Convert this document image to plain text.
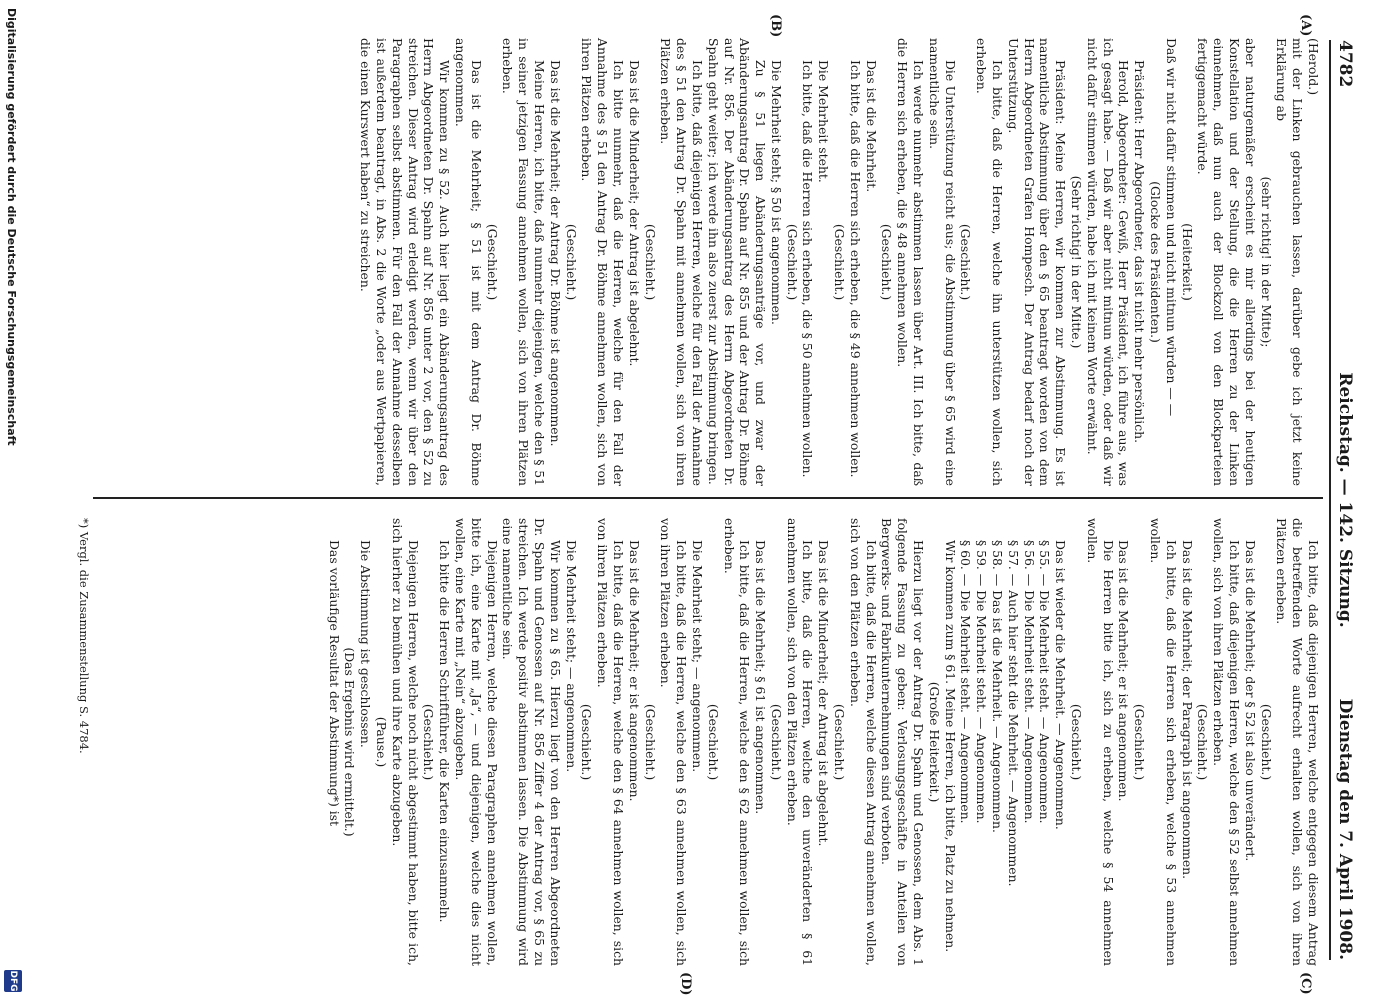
4782
Reichstag. — 142. Sitzung.
Dienstag den 7. April 1908.
(A)
(B)
(C)
(D)

(Herold.)

mit der Linken gebrauchen lassen, darüber gebe ich jetzt keine Erklärung ab

(sehr richtig! in der Mitte);

aber naturgemäßer erscheint es mir allerdings bei der heutigen Konstellation und der Stellung, die die Herren zu der Linken einnehmen, daß nun auch der Blockzoll von den Blockparteien fertiggemacht würde.

(Heiterkeit.)

Daß wir nicht dafür stimmen und nicht mitnun würden — —

(Glocke des Präsidenten.)

Präsident: Herr Abgeordneter, das ist nicht mehr persönlich.

Herold, Abgeordneter: Gewiß, Herr Präsident, ich führe aus, was ich gesagt habe. — Daß wir aber nicht mitnun würden, oder daß wir nicht dafür stimmen würden, habe ich mit keinem Worte erwähnt.

(Sehr richtig! in der Mitte.)

Präsident: Meine Herren, wir kommen zur Abstimmung. Es ist namentliche Abstimmung über den § 65 beantragt worden von dem Herrn Abgeordneten Grafen Hompesch. Der Antrag bedarf noch der Unterstützung.

Ich bitte, daß die Herren, welche ihn unterstützen wollen, sich erheben.

(Geschieht.)

Die Unterstützung reicht aus; die Abstimmung über § 65 wird eine namentliche sein.

Ich werde nunmehr abstimmen lassen über Art. III. Ich bitte, daß die Herren sich erheben, die § 48 annehmen wollen.

(Geschieht.)

Das ist die Mehrheit.

Ich bitte, daß die Herren sich erheben, die § 49 annehmen wollen.

(Geschieht.)

Die Mehrheit steht.

Ich bitte, daß die Herren sich erheben, die § 50 annehmen wollen.

(Geschieht.)

Die Mehrheit steht; § 50 ist angenommen.

Zu § 51 liegen Abänderungsanträge vor, und zwar der Abänderungsantrag Dr. Spahn auf Nr. 855 und der Antrag Dr. Böhme auf Nr. 856. Der Abänderungsantrag des Herrn Abgeordneten Dr. Spahn geht weiter; ich werde ihn also zuerst zur Abstimmung bringen.

Ich bitte, daß diejenigen Herren, welche für den Fall der Annahme des § 51 den Antrag Dr. Spahn mit annehmen wollen, sich von ihren Plätzen erheben.

(Geschieht.)

Das ist die Minderheit; der Antrag ist abgelehnt.

Ich bitte nunmehr, daß die Herren, welche für den Fall der Annahme des § 51 den Antrag Dr. Böhme annehmen wollen, sich von ihren Plätzen erheben.

(Geschieht.)

Das ist die Mehrheit; der Antrag Dr. Böhme ist angenommen.

Meine Herren, ich bitte, daß nunmehr diejenigen, welche den § 51 in seiner jetzigen Fassung annehmen wollen, sich von ihren Plätzen erheben.

(Geschieht.)

Das ist die Mehrheit; § 51 ist mit dem Antrag Dr. Böhme angenommen.

Wir kommen zu § 52. Auch hier liegt ein Abänderungsantrag des Herrn Abgeordneten Dr. Spahn auf Nr. 856 unter 2 vor, den § 52 zu streichen. Dieser Antrag wird erledigt werden, wenn wir über den Paragraphen selbst abstimmen. Für den Fall der Annahme desselben ist außerdem beantragt, in Abs. 2 die Worte „oder aus Wertpapieren, die einen Kurswert haben“ zu streichen.

Ich bitte, daß diejenigen Herren, welche entgegen diesem Antrag die betreffenden Worte aufrecht erhalten wollen, sich von ihren Plätzen erheben.

(Geschieht.)

Das ist die Mehrheit; der § 52 ist also unverändert.

Ich bitte, daß diejenigen Herren, welche den § 52 selbst annehmen wollen, sich von ihren Plätzen erheben.

(Geschieht.)

Das ist die Mehrheit; der Paragraph ist angenommen.

Ich bitte, daß die Herren sich erheben, welche § 53 annehmen wollen.

(Geschieht.)

Das ist die Mehrheit; er ist angenommen.

Die Herren bitte ich, sich zu erheben, welche § 54 annehmen wollen.

(Geschieht.)

Das ist wieder die Mehrheit. — Angenommen.

§ 55. — Die Mehrheit steht. — Angenommen.

§ 56. — Die Mehrheit steht. — Angenommen.

§ 57. — Auch hier steht die Mehrheit. — Angenommen.

§ 58. — Das ist die Mehrheit. — Angenommen.

§ 59. — Die Mehrheit steht. — Angenommen.

§ 60. — Die Mehrheit steht. — Angenommen.

Wir kommen zum § 61. Meine Herren, ich bitte, Platz zu nehmen.

(Große Heiterkeit.)

Hierzu liegt vor der Antrag Dr. Spahn und Genossen, dem Abs. 1 folgende Fassung zu geben: Verlosungsgeschäfte in Anteilen von Bergwerks- und Fabrikunternehmungen sind verboten.

Ich bitte, daß die Herren, welche diesen Antrag annehmen wollen, sich von den Plätzen erheben.

(Geschieht.)

Das ist die Minderheit; der Antrag ist abgelehnt.

Ich bitte, daß die Herren, welche den unveränderten § 61 annehmen wollen, sich von den Plätzen erheben.

(Geschieht.)

Das ist die Mehrheit; § 61 ist angenommen.

Ich bitte, daß die Herren, welche den § 62 annehmen wollen, sich erheben.

(Geschieht.)

Die Mehrheit steht; — angenommen.

Ich bitte, daß die Herren, welche den § 63 annehmen wollen, sich von ihren Plätzen erheben.

(Geschieht.)

Das ist die Mehrheit; er ist angenommen.

Ich bitte, daß die Herren, welche den § 64 annehmen wollen, sich von ihren Plätzen erheben.

(Geschieht.)

Die Mehrheit steht; — angenommen.

Wir kommen zu § 65. Hierzu liegt von den Herren Abgeordneten Dr. Spahn und Genossen auf Nr. 856 Ziffer 4 der Antrag vor, § 65 zu streichen. Ich werde positiv abstimmen lassen. Die Abstimmung wird eine namentliche sein.

Diejenigen Herren, welche diesen Paragraphen annehmen wollen, bitte ich, eine Karte mit „Ja“, — und diejenigen, welche dies nicht wollen, eine Karte mit „Nein“ abzugeben.

Ich bitte die Herren Schriftführer, die Karten einzusammeln.

(Geschieht.)

Diejenigen Herren, welche noch nicht abgestimmt haben, bitte ich, sich hierher zu bemühen und ihre Karte abzugeben.

(Pause.)

Die Abstimmung ist geschlossen.

(Das Ergebnis wird ermittelt.)

Das vorläufige Resultat der Abstimmung*) ist

*) Vergl. die Zusammenstellung S. 4784.
Digitalisierung gefördert durch die Deutsche Forschungsgemeinschaft
DFG
